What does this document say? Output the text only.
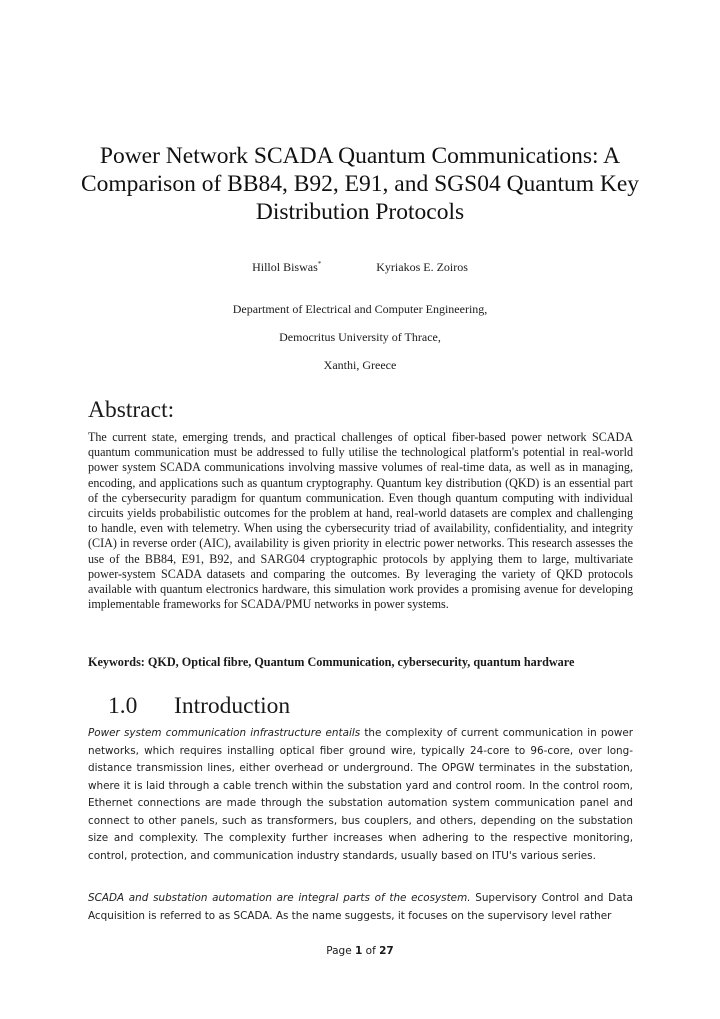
Power Network SCADA Quantum Communications: A Comparison of BB84, B92, E91, and SGS04 Quantum Key Distribution Protocols
Hillol Biswas*	Kyriakos E. Zoiros
Department of Electrical and Computer Engineering,
Democritus University of Thrace,
Xanthi, Greece
Abstract:

The current state, emerging trends, and practical challenges of optical fiber-based power network SCADA quantum communication must be addressed to fully utilise the technological platform's potential in real-world power system SCADA communications involving massive volumes of real-time data, as well as in managing, encoding, and applications such as quantum cryptography. Quantum key distribution (QKD) is an essential part of the cybersecurity paradigm for quantum communication. Even though quantum computing with individual circuits yields probabilistic outcomes for the problem at hand, real-world datasets are complex and challenging to handle, even with telemetry. When using the cybersecurity triad of availability, confidentiality, and integrity (CIA) in reverse order (AIC), availability is given priority in electric power networks. This research assesses the use of the BB84, E91, B92, and SARG04 cryptographic protocols by applying them to large, multivariate power-system SCADA datasets and comparing the outcomes. By leveraging the variety of QKD protocols available with quantum electronics hardware, this simulation work provides a promising avenue for developing implementable frameworks for SCADA/PMU networks in power systems.

Keywords: QKD, Optical fibre, Quantum Communication, cybersecurity, quantum hardware

1.0 Introduction

Power system communication infrastructure entails the complexity of current communication in power networks, which requires installing optical fiber ground wire, typically 24-core to 96-core, over long-distance transmission lines, either overhead or underground. The OPGW terminates in the substation, where it is laid through a cable trench within the substation yard and control room. In the control room, Ethernet connections are made through the substation automation system communication panel and connect to other panels, such as transformers, bus couplers, and others, depending on the substation size and complexity. The complexity further increases when adhering to the respective monitoring, control, protection, and communication industry standards, usually based on ITU's various series.

SCADA and substation automation are integral parts of the ecosystem. Supervisory Control and Data Acquisition is referred to as SCADA. As the name suggests, it focuses on the supervisory level rather

Page 1 of 27
